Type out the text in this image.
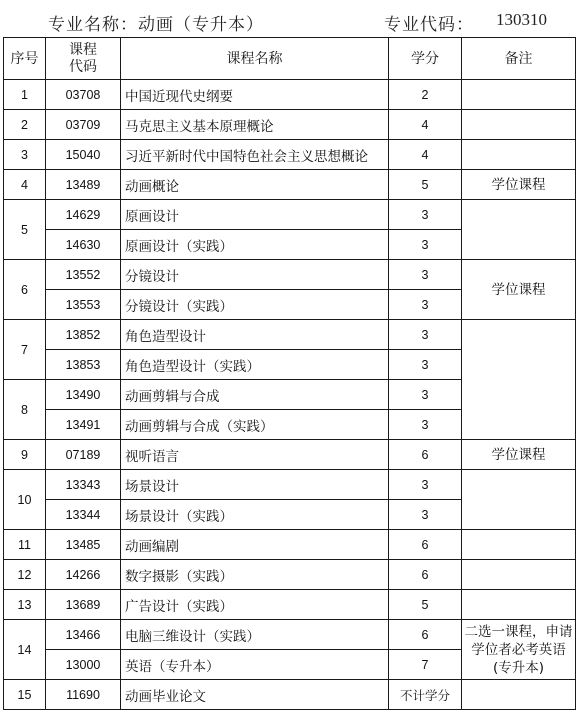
专业名称：动画（专升本）	专业代码： 130310
序号	课程代码	课程名称	学分	备注
1	03708	中国近现代史纲要	2	
2	03709	马克思主义基本原理概论	4	
3	15040	习近平新时代中国特色社会主义思想概论	4	
4	13489	动画概论	5	学位课程
5	14629	原画设计	3	
	14630	原画设计（实践）	3	
6	13552	分镜设计	3	学位课程
	13553	分镜设计（实践）	3	
7	13852	角色造型设计	3	
	13853	角色造型设计（实践）	3	
8	13490	动画剪辑与合成	3	
	13491	动画剪辑与合成（实践）	3	
9	07189	视听语言	6	学位课程
10	13343	场景设计	3	
	13344	场景设计（实践）	3	
11	13485	动画编剧	6	
12	14266	数字摄影（实践）	6	
13	13689	广告设计（实践）	5	
14	13466	电脑三维设计（实践）	6	二选一课程，申请学位者必考英语(专升本)
	13000	英语（专升本）	7	
15	11690	动画毕业论文	不计学分	
